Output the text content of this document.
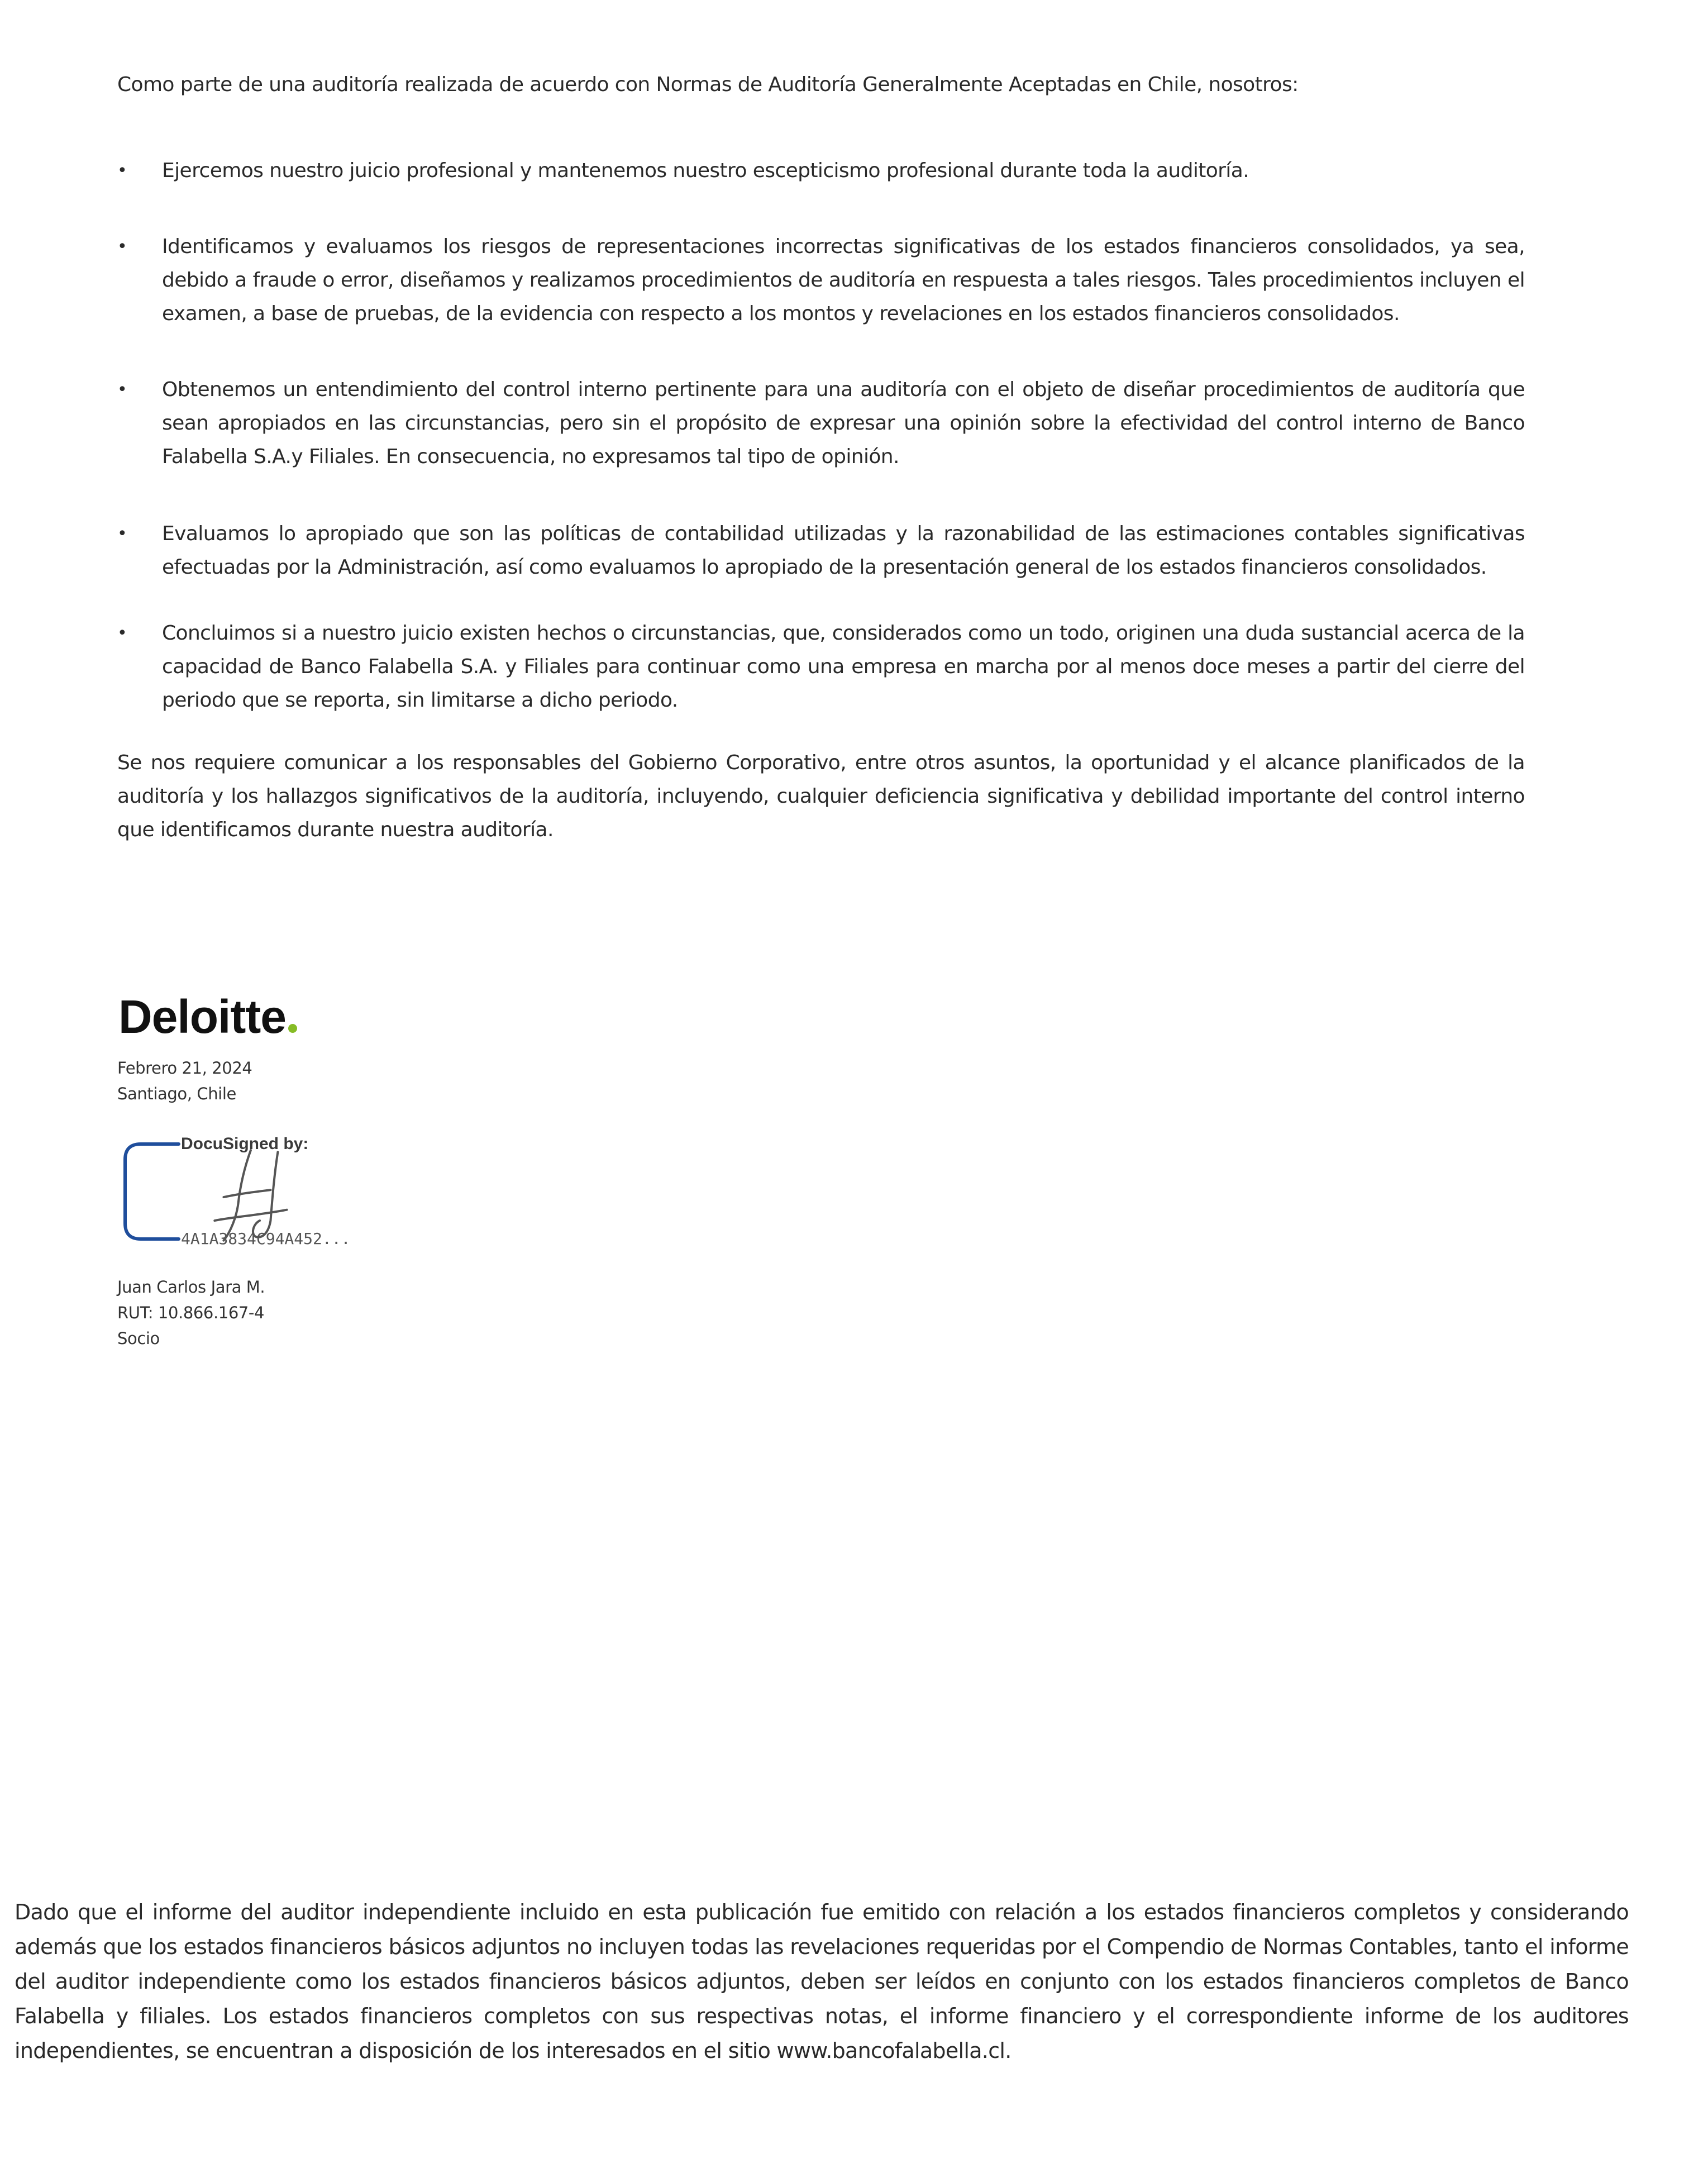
Como parte de una auditoría realizada de acuerdo con Normas de Auditoría Generalmente Aceptadas en Chile, nosotros:

• Ejercemos nuestro juicio profesional y mantenemos nuestro escepticismo profesional durante toda la auditoría.
• Identificamos y evaluamos los riesgos de representaciones incorrectas significativas de los estados financieros consolidados, ya sea, debido a fraude o error, diseñamos y realizamos procedimientos de auditoría en respuesta a tales riesgos. Tales procedimientos incluyen el examen, a base de pruebas, de la evidencia con respecto a los montos y revelaciones en los estados financieros consolidados.
• Obtenemos un entendimiento del control interno pertinente para una auditoría con el objeto de diseñar procedimientos de auditoría que sean apropiados en las circunstancias, pero sin el propósito de expresar una opinión sobre la efectividad del control interno de Banco Falabella S.A.y Filiales. En consecuencia, no expresamos tal tipo de opinión.
• Evaluamos lo apropiado que son las políticas de contabilidad utilizadas y la razonabilidad de las estimaciones contables significativas efectuadas por la Administración, así como evaluamos lo apropiado de la presentación general de los estados financieros consolidados.
• Concluimos si a nuestro juicio existen hechos o circunstancias, que, considerados como un todo, originen una duda sustancial acerca de la capacidad de Banco Falabella S.A. y Filiales para continuar como una empresa en marcha por al menos doce meses a partir del cierre del periodo que se reporta, sin limitarse a dicho periodo.

Se nos requiere comunicar a los responsables del Gobierno Corporativo, entre otros asuntos, la oportunidad y el alcance planificados de la auditoría y los hallazgos significativos de la auditoría, incluyendo, cualquier deficiencia significativa y debilidad importante del control interno que identificamos durante nuestra auditoría.

Deloitte
Febrero 21, 2024
Santiago, Chile
DocuSigned by:
4A1A3834C94A452...
Juan Carlos Jara M.
RUT: 10.866.167-4
Socio

Dado que el informe del auditor independiente incluido en esta publicación fue emitido con relación a los estados financieros completos y considerando además que los estados financieros básicos adjuntos no incluyen todas las revelaciones requeridas por el Compendio de Normas Contables, tanto el informe del auditor independiente como los estados financieros básicos adjuntos, deben ser leídos en conjunto con los estados financieros completos de Banco Falabella y filiales. Los estados financieros completos con sus respectivas notas, el informe financiero y el correspondiente informe de los auditores independientes, se encuentran a disposición de los interesados en el sitio www.bancofalabella.cl.
